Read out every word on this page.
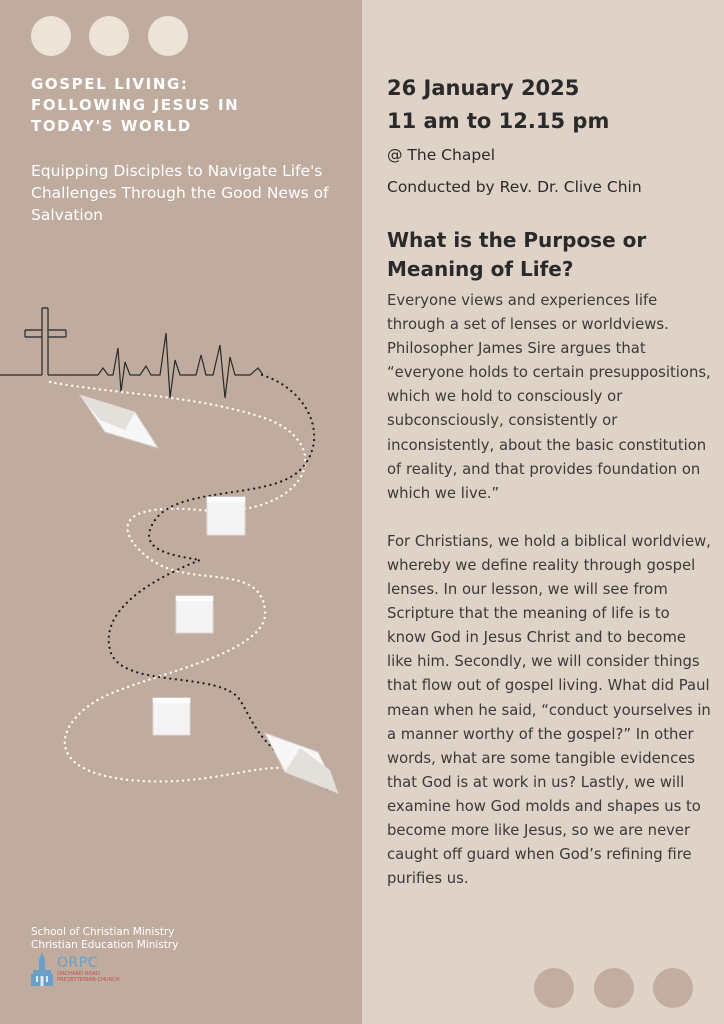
GOSPEL LIVING:
FOLLOWING JESUS IN
TODAY'S WORLD

Equipping Disciples to Navigate Life's Challenges Through the Good News of Salvation

School of Christian Ministry
Christian Education Ministry
ORPC
ORCHARD ROAD
PRESBYTERIAN CHURCH
26 January 2025
11 am to 12.15 pm
@ The Chapel
Conducted by Rev. Dr. Clive Chin
What is the Purpose or Meaning of Life?

Everyone views and experiences life through a set of lenses or worldviews. Philosopher James Sire argues that “everyone holds to certain presuppositions, which we hold to consciously or subconsciously, consistently or inconsistently, about the basic constitution of reality, and that provides foundation on which we live.”

For Christians, we hold a biblical worldview, whereby we define reality through gospel lenses. In our lesson, we will see from Scripture that the meaning of life is to know God in Jesus Christ and to become like him. Secondly, we will consider things that flow out of gospel living. What did Paul mean when he said, “conduct yourselves in a manner worthy of the gospel?” In other words, what are some tangible evidences that God is at work in us? Lastly, we will examine how God molds and shapes us to become more like Jesus, so we are never caught off guard when God’s refining fire purifies us.
